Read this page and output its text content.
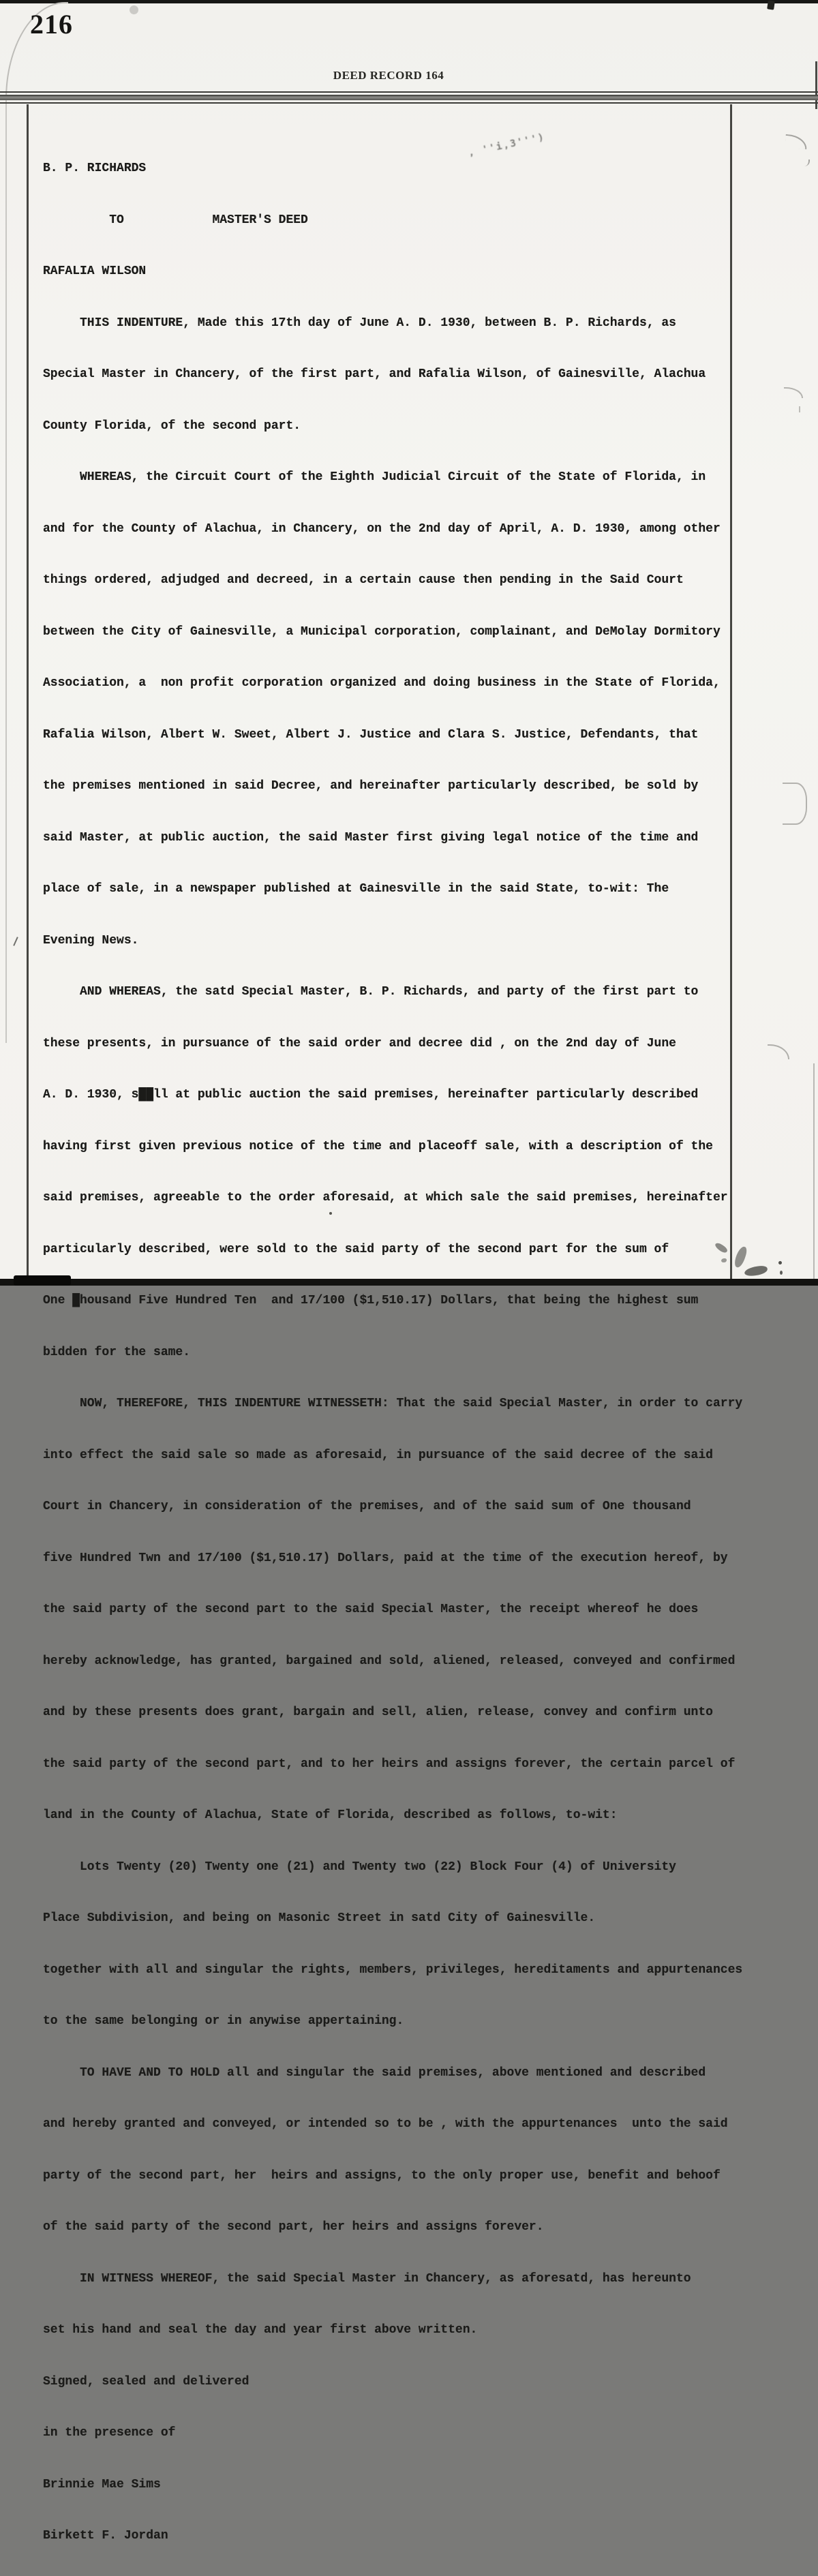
216
DEED RECORD 164
, ''i,3''')

B. P. RICHARDS

TO            MASTER'S DEED

RAFALIA WILSON

THIS INDENTURE, Made this 17th day of June A. D. 1930, between B. P. Richards, as

Special Master in Chancery, of the first part, and Rafalia Wilson, of Gainesville, Alachua

County Florida, of the second part.

WHEREAS, the Circuit Court of the Eighth Judicial Circuit of the State of Florida, in

and for the County of Alachua, in Chancery, on the 2nd day of April, A. D. 1930, among other

things ordered, adjudged and decreed, in a certain cause then pending in the Said Court

between the City of Gainesville, a Municipal corporation, complainant, and DeMolay Dormitory

Association, a  non profit corporation organized and doing business in the State of Florida,

Rafalia Wilson, Albert W. Sweet, Albert J. Justice and Clara S. Justice, Defendants, that

the premises mentioned in said Decree, and hereinafter particularly described, be sold by

said Master, at public auction, the said Master first giving legal notice of the time and

place of sale, in a newspaper published at Gainesville in the said State, to-wit: The

Evening News.

AND WHEREAS, the satd Special Master, B. P. Richards, and party of the first part to

these presents, in pursuance of the said order and decree did , on the 2nd day of June

A. D. 1930, s██ll at public auction the said premises, hereinafter particularly described

having first given previous notice of the time and placeoff sale, with a description of the

said premises, agreeable to the order aforesaid, at which sale the said premises, hereinafter

particularly described, were sold to the said party of the second part for the sum of

One █housand Five Hundred Ten  and 17/100 ($1,510.17) Dollars, that being the highest sum

bidden for the same.

NOW, THEREFORE, THIS INDENTURE WITNESSETH: That the said Special Master, in order to carry

into effect the said sale so made as aforesaid, in pursuance of the said decree of the said

Court in Chancery, in consideration of the premises, and of the said sum of One thousand

five Hundred Twn and 17/100 ($1,510.17) Dollars, paid at the time of the execution hereof, by

the said party of the second part to the said Special Master, the receipt whereof he does

hereby acknowledge, has granted, bargained and sold, aliened, released, conveyed and confirmed

and by these presents does grant, bargain and sell, alien, release, convey and confirm unto

the said party of the second part, and to her heirs and assigns forever, the certain parcel of

land in the County of Alachua, State of Florida, described as follows, to-wit:

Lots Twenty (20) Twenty one (21) and Twenty two (22) Block Four (4) of University

Place Subdivision, and being on Masonic Street in satd City of Gainesville.

together with all and singular the rights, members, privileges, hereditaments and appurtenances

to the same belonging or in anywise appertaining.

TO HAVE AND TO HOLD all and singular the said premises, above mentioned and described

and hereby granted and conveyed, or intended so to be , with the appurtenances  unto the said

party of the second part, her  heirs and assigns, to the only proper use, benefit and behoof

of the said party of the second part, her heirs and assigns forever.

IN WITNESS WHEREOF, the said Special Master in Chancery, as aforesatd, has hereunto

set his hand and seal the day and year first above written.

Signed, sealed and delivered

in the presence of

Brinnie Mae Sims

Birkett F. Jordan
